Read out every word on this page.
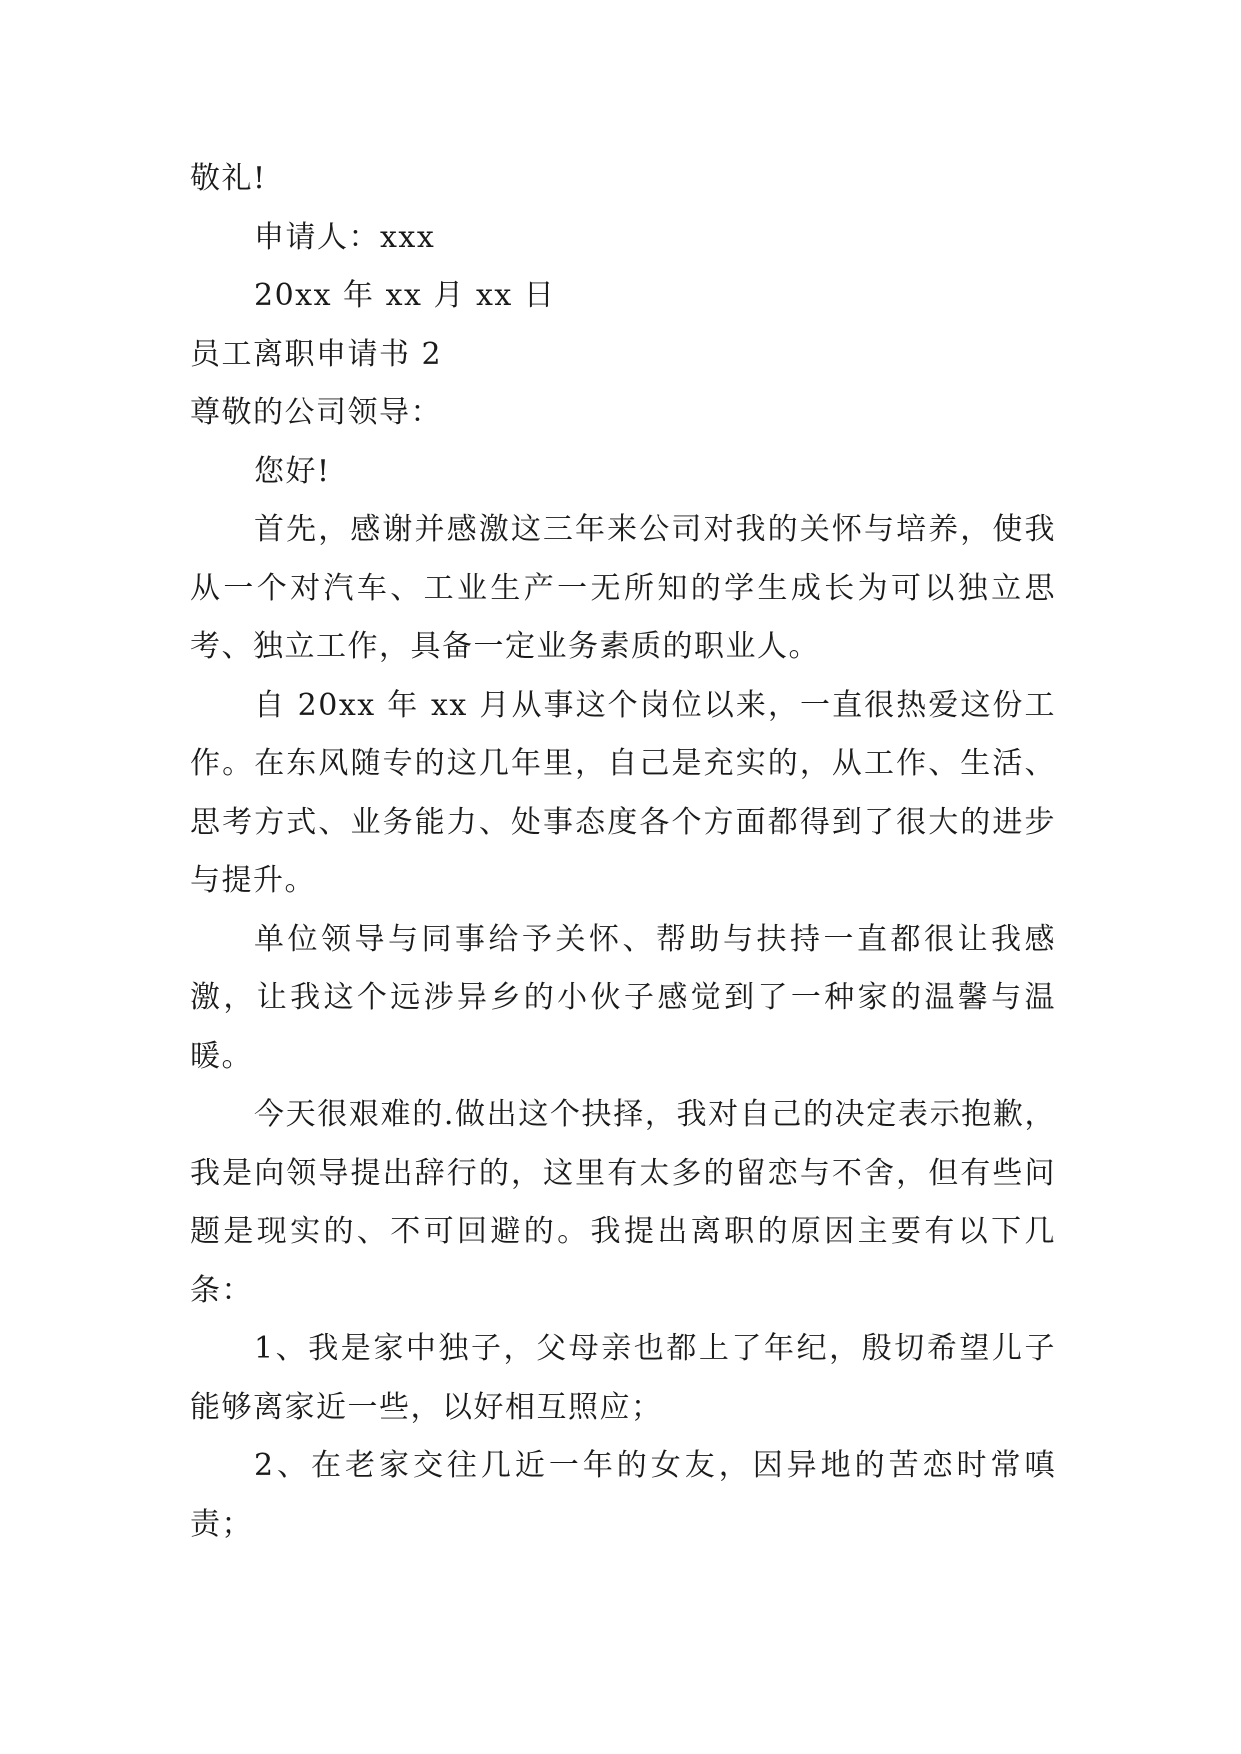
敬礼!
申请人：xxx
20xx 年 xx 月 xx 日
员工离职申请书 2
尊敬的公司领导：
您好!

首先，感谢并感激这三年来公司对我的关怀与培养，使我从一个对汽车、工业生产一无所知的学生成长为可以独立思考、独立工作，具备一定业务素质的职业人。

自 20xx 年 xx 月从事这个岗位以来，一直很热爱这份工作。在东风随专的这几年里，自己是充实的，从工作、生活、思考方式、业务能力、处事态度各个方面都得到了很大的进步与提升。

单位领导与同事给予关怀、帮助与扶持一直都很让我感激，让我这个远涉异乡的小伙子感觉到了一种家的温馨与温暖。

今天很艰难的.做出这个抉择，我对自己的决定表示抱歉，我是向领导提出辞行的，这里有太多的留恋与不舍，但有些问题是现实的、不可回避的。我提出离职的原因主要有以下几条：

1、我是家中独子，父母亲也都上了年纪，殷切希望儿子能够离家近一些，以好相互照应；

2、在老家交往几近一年的女友，因异地的苦恋时常嗔责；
